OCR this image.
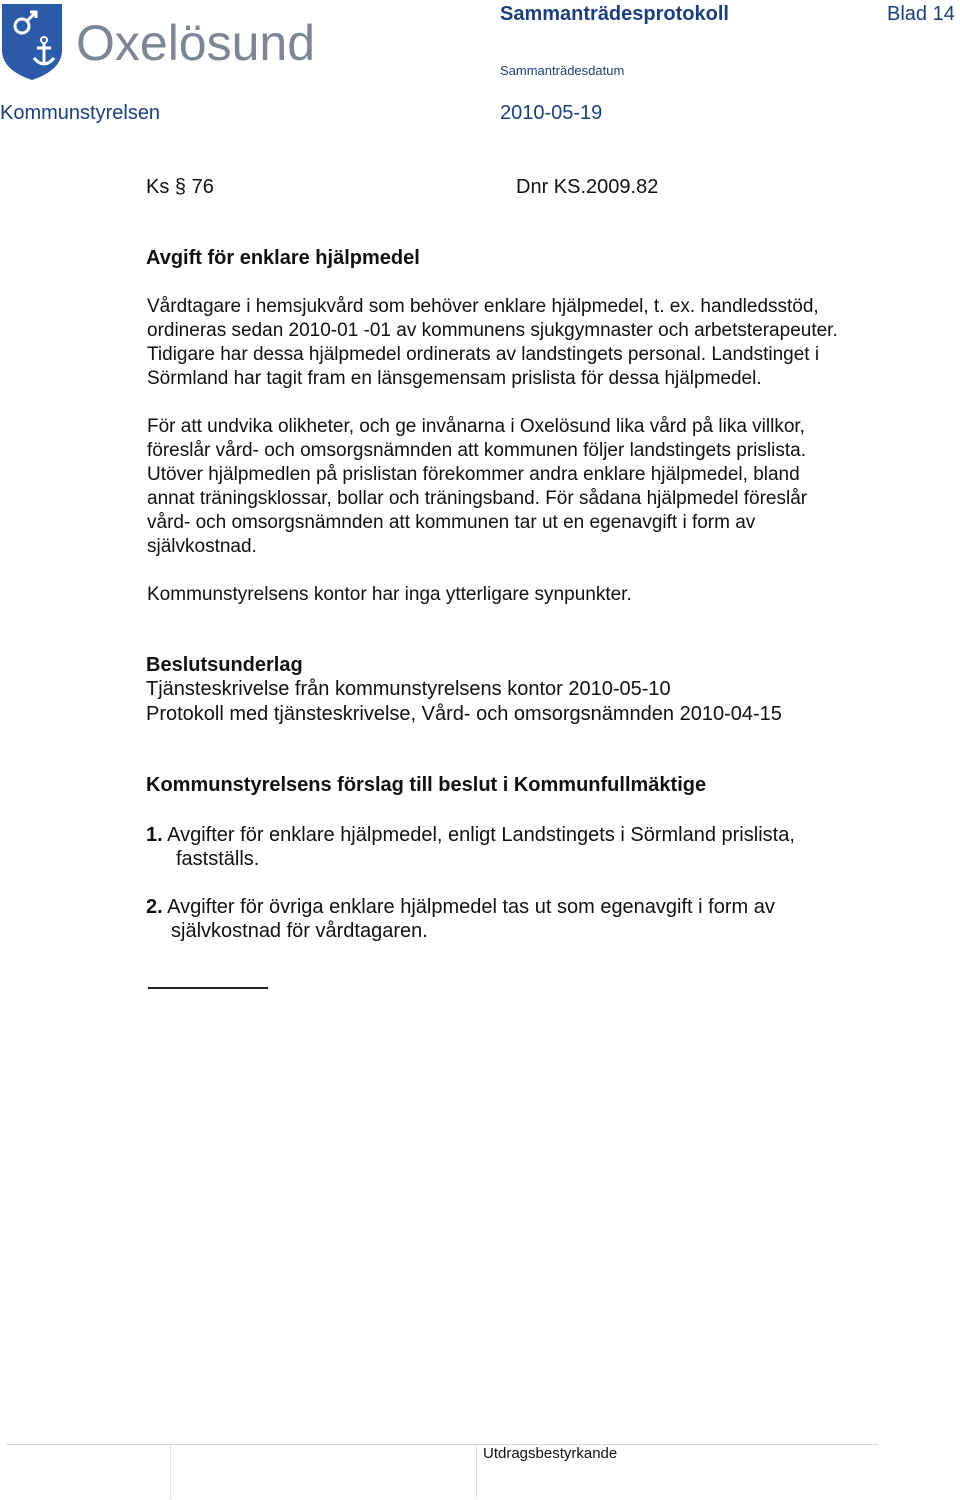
Oxelösund
Sammanträdesprotokoll	Blad 14
Sammanträdesdatum
Kommunstyrelsen	2010-05-19
Ks § 76	Dnr KS.2009.82
Avgift för enklare hjälpmedel
Vårdtagare i hemsjukvård som behöver enklare hjälpmedel, t. ex. handledsstöd,
ordineras sedan 2010-01 -01 av kommunens sjukgymnaster och arbetsterapeuter.
Tidigare har dessa hjälpmedel ordinerats av landstingets personal. Landstinget i
Sörmland har tagit fram en länsgemensam prislista för dessa hjälpmedel.
För att undvika olikheter, och ge invånarna i Oxelösund lika vård på lika villkor,
föreslår vård- och omsorgsnämnden att kommunen följer landstingets prislista.
Utöver hjälpmedlen på prislistan förekommer andra enklare hjälpmedel, bland
annat träningsklossar, bollar och träningsband. För sådana hjälpmedel föreslår
vård- och omsorgsnämnden att kommunen tar ut en egenavgift i form av
självkostnad.
Kommunstyrelsens kontor har inga ytterligare synpunkter.
Beslutsunderlag
Tjänsteskrivelse från kommunstyrelsens kontor 2010-05-10
Protokoll med tjänsteskrivelse, Vård- och omsorgsnämnden 2010-04-15
Kommunstyrelsens förslag till beslut i Kommunfullmäktige
1. Avgifter för enklare hjälpmedel, enligt Landstingets i Sörmland prislista,
fastställs.
2. Avgifter för övriga enklare hjälpmedel tas ut som egenavgift i form av
självkostnad för vårdtagaren.
Utdragsbestyrkande
